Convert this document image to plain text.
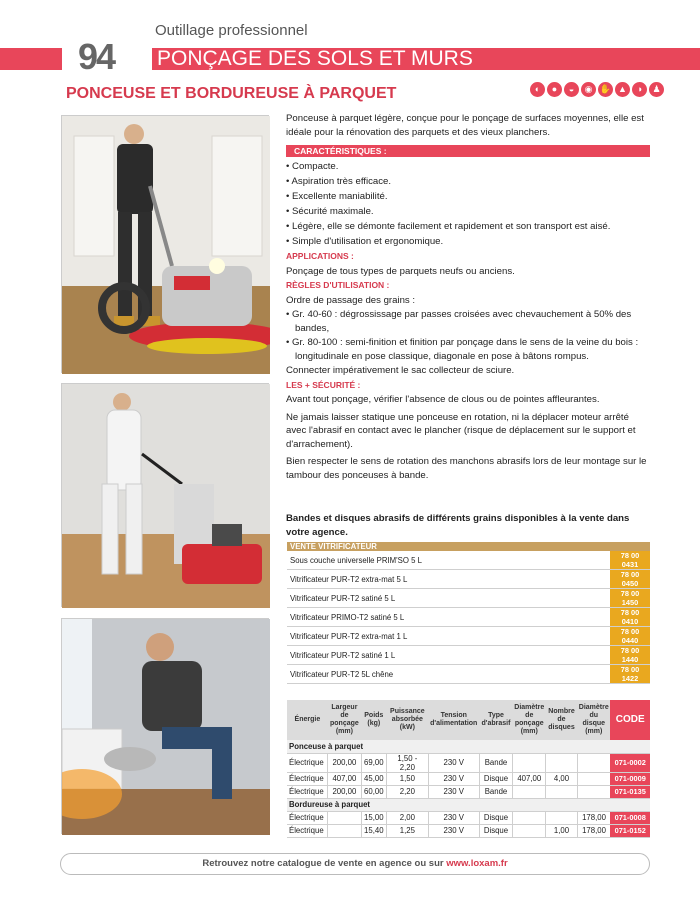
Outillage professionnel
94 PONÇAGE DES SOLS ET MURS
PONCEUSE ET BORDUREUSE À PARQUET	◐	●	◒	◉ ✋ ▲	◑	♟
Ponceuse à parquet légère, conçue pour le ponçage de surfaces moyennes, elle est idéale pour la rénovation des parquets et des vieux planchers.
CARACTÉRISTIQUES :
• Compacte.
• Aspiration très efficace.
• Excellente maniabilité.
• Sécurité maximale.
• Légère, elle se démonte facilement et rapidement et son transport est aisé.
• Simple d'utilisation et ergonomique.

APPLICATIONS :

Ponçage de tous types de parquets neufs ou anciens.

RÈGLES D'UTILISATION :

Ordre de passage des grains :

• Gr. 40-60 : dégrossissage par passes croisées avec chevauchement à 50% des bandes,
• Gr. 80-100 : semi-finition et finition par ponçage dans le sens de la veine du bois : longitudinale en pose classique, diagonale en pose à bâtons rompus.

Connecter impérativement le sac collecteur de sciure.

LES + SÉCURITÉ :

Avant tout ponçage, vérifier l'absence de clous ou de pointes affleurantes.

Ne jamais laisser statique une ponceuse en rotation, ni la déplacer moteur arrêté avec l'abrasif en contact avec le plancher (risque de déplacement sur le support et d'arrachement).

Bien respecter le sens de rotation des manchons abrasifs lors de leur montage sur le tambour des ponceuses à bande.

Bandes et disques abrasifs de différents grains disponibles à la vente dans votre agence.
VENTE VITRIFICATEUR	
Sous couche universelle PRIM'SO 5 L	78 00 0431
Vitrificateur PUR-T2 extra-mat 5 L	78 00 0450
Vitrificateur PUR-T2 satiné 5 L	78 00 1450
Vitrificateur PRIMO-T2 satiné 5 L	78 00 0410
Vitrificateur PUR-T2 extra-mat 1 L	78 00 0440
Vitrificateur PUR-T2 satiné 1 L	78 00 1440
Vitrificateur PUR-T2 5L chêne	78 00 1422
Énergie	Largeur de ponçage (mm)	Poids (kg)	Puissance absorbée (kW)	Tension d'alimentation	Type d'abrasif	Diamètre de ponçage (mm)	Nombre de disques	Diamètre du disque (mm)	CODE
Ponceuse à parquet									
Électrique	200,00	69,00	1,50 - 2,20	230 V	Bande				071-0002
Électrique	407,00	45,00	1,50	230 V	Disque	407,00	4,00		071-0009
Électrique	200,00	60,00	2,20	230 V	Bande				071-0135
Bordureuse à parquet									
Électrique		15,00	2,00	230 V	Disque			178,00	071-0008
Électrique		15,40	1,25	230 V	Disque		1,00	178,00	071-0152
Retrouvez notre catalogue de vente en agence ou sur www.loxam.fr
